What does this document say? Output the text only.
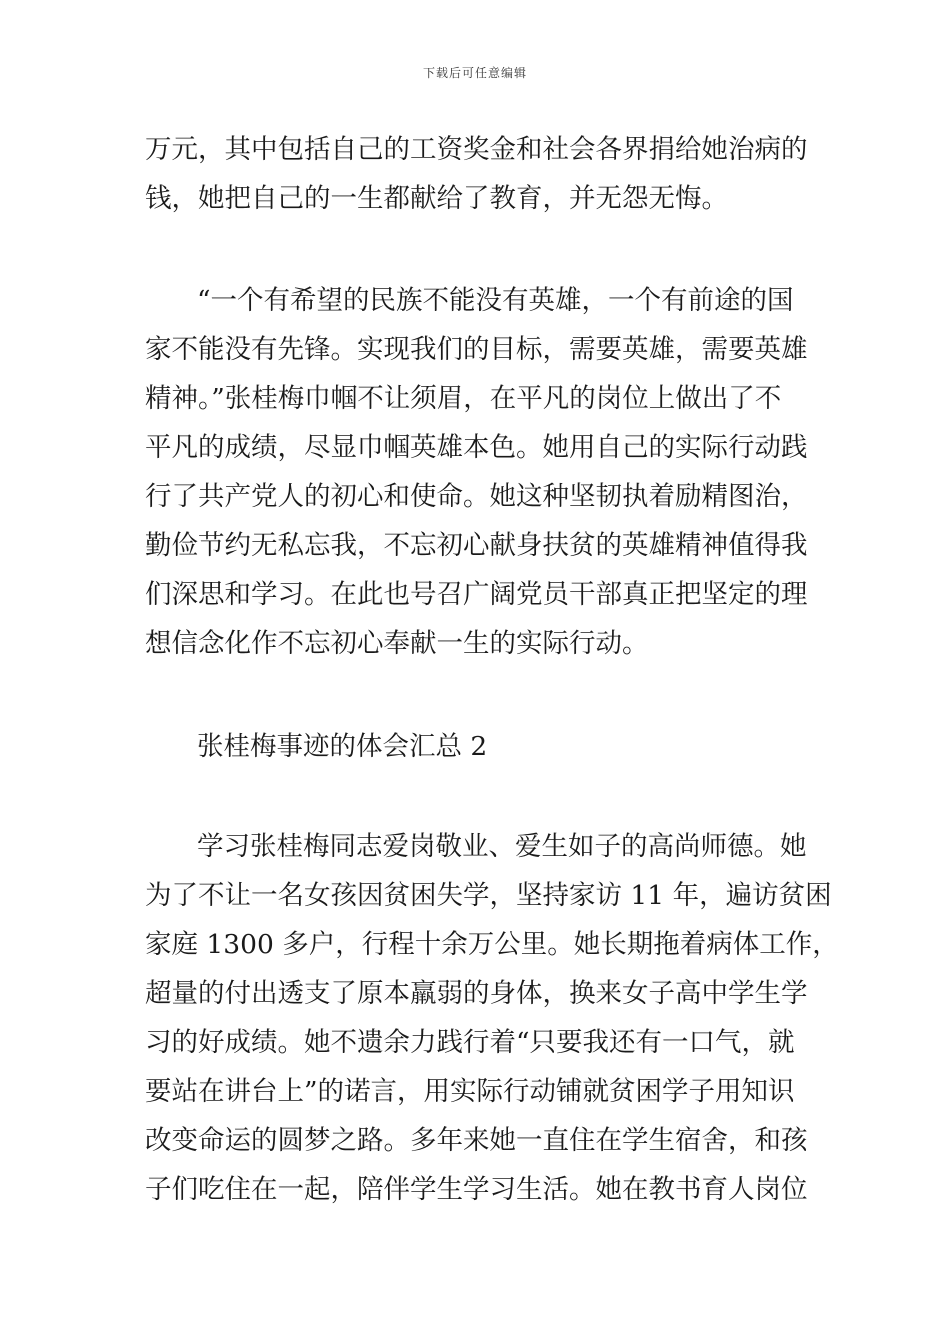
下载后可任意编辑
万元，其中包括自己的工资奖金和社会各界捐给她治病的
钱，她把自己的一生都献给了教育，并无怨无悔。
“一个有希望的民族不能没有英雄，一个有前途的国
家不能没有先锋。实现我们的目标，需要英雄，需要英雄
精神。”张桂梅巾帼不让须眉，在平凡的岗位上做出了不
平凡的成绩，尽显巾帼英雄本色。她用自己的实际行动践
行了共产党人的初心和使命。她这种坚韧执着励精图治，
勤俭节约无私忘我，不忘初心献身扶贫的英雄精神值得我
们深思和学习。在此也号召广阔党员干部真正把坚定的理
想信念化作不忘初心奉献一生的实际行动。
张桂梅事迹的体会汇总 2
学习张桂梅同志爱岗敬业、爱生如子的高尚师德。她
为了不让一名女孩因贫困失学，坚持家访 11 年，遍访贫困
家庭 1300 多户，行程十余万公里。她长期拖着病体工作，
超量的付出透支了原本羸弱的身体，换来女子高中学生学
习的好成绩。她不遗余力践行着“只要我还有一口气，就
要站在讲台上”的诺言，用实际行动铺就贫困学子用知识
改变命运的圆梦之路。多年来她一直住在学生宿舍，和孩
子们吃住在一起，陪伴学生学习生活。她在教书育人岗位
